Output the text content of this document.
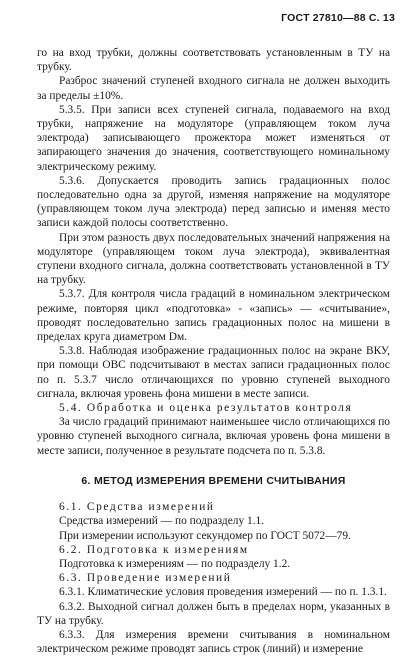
ГОСТ 27810—88 С. 13

го на вход трубки, должны соответствовать установленным в ТУ на трубку.

Разброс значений ступеней входного сигнала не должен выходить за пределы ±10%.

5.3.5. При записи всех ступеней сигнала, подаваемого на вход трубки, напряжение на модуляторе (управляющем током луча электрода) записывающего прожектора может изменяться от запирающего значения до значения, соответствующего номинальному электрическому режиму.

5.3.6. Допускается проводить запись градационных полос последовательно одна за другой, изменяя напряжение на модуляторе (управляющем током луча электрода) перед записью и именяя место записи каждой полосы соответственно.

При этом разность двух последовательных значений напряжения на модуляторе (управляющем током луча электрода), эквивалентная ступени входного сигнала, должна соответствовать установленной в ТУ на трубку.

5.3.7. Для контроля числа градаций в номинальном электрическом режиме, повторяя цикл «подготовка» - «запись» — «считывание», проводят последовательно запись градационных полос на мишени в пределах круга диаметром Dм.

5.3.8. Наблюдая изображение градационных полос на экране ВКУ, при помощи ОВС подсчитывают в местах записи градационных полос по п. 5.3.7 число отличающихся по уровню ступеней выходного сигнала, включая уровень фона мишени в месте записи.

5.4. Обработка и оценка результатов контроля

За число градаций принимают наименьшее число отличающихся по уровню ступеней выходного сигнала, включая уровень фона мишени в месте записи, полученное в результате подсчета по п. 5.3.8.

6. МЕТОД ИЗМЕРЕНИЯ ВРЕМЕНИ СЧИТЫВАНИЯ

6.1. Средства измерений

Средства измерений — по подразделу 1.1.

При измерении используют секундомер по ГОСТ 5072—79.

6.2. Подготовка к измерениям

Подготовка к измерениям — по подразделу 1.2.

6.3. Проведение измерений

6.3.1. Климатические условия проведения измерений — по п. 1.3.1.

6.3.2. Выходной сигнал должен быть в пределах норм, указанных в ТУ на трубку.

6.3.3. Для измерения времени считывания в номинальном электрическом режиме проводят запись строк (линий) и измерение
